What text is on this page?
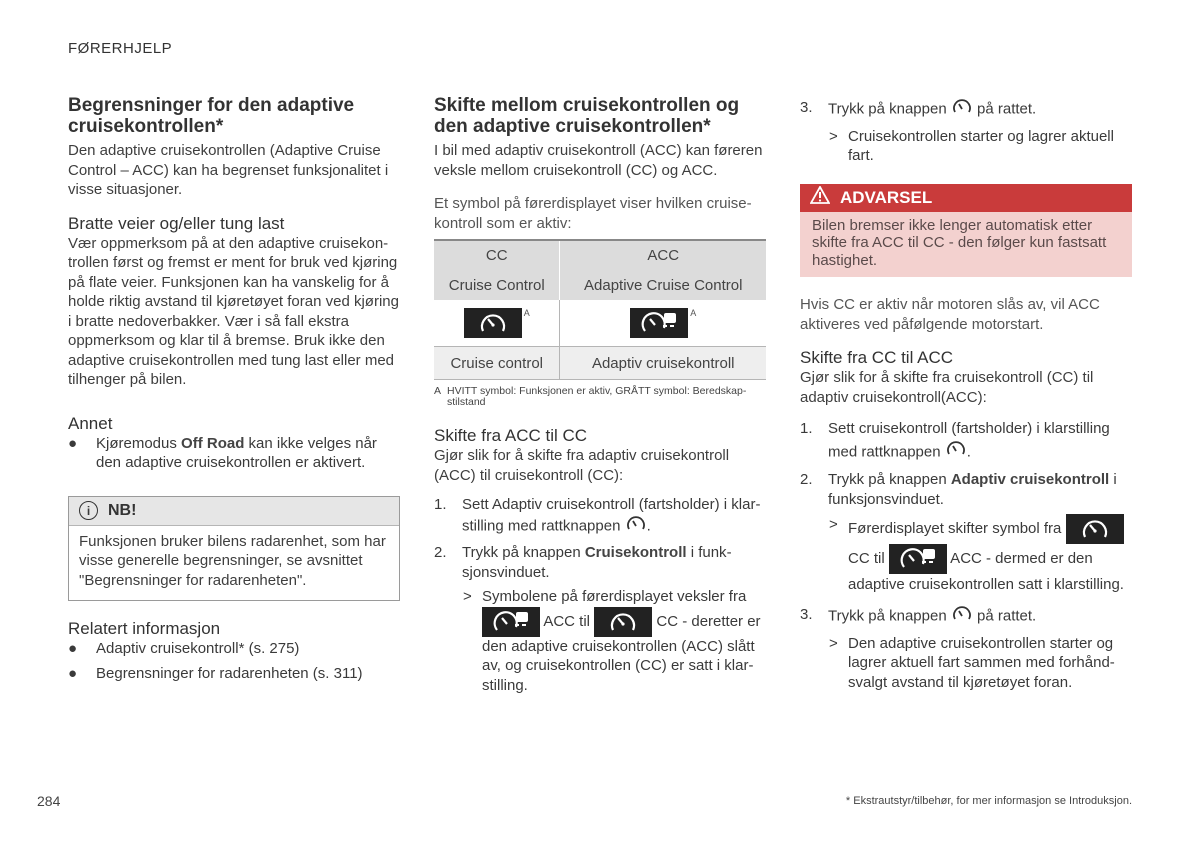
FØRERHJELP
Begrensninger for den adaptive cruisekontrollen*

Den adaptive cruisekontrollen (Adaptive Cruise Control – ACC) kan ha begrenset funksjonalitet i visse situasjoner.

Bratte veier og/eller tung last

Vær oppmerksom på at den adaptive cruisekontrollen først og fremst er ment for bruk ved kjøring på flate veier. Funksjonen kan ha vanskelig for å holde riktig avstand til kjøretøyet foran ved kjøring i bratte nedoverbakker. Vær i så fall ekstra oppmerksom og klar til å bremse. Bruk ikke den adaptive cruisekontrollen med tung last eller med tilhenger på bilen.

Annet
● Kjøremodus Off Road kan ikke velges når den adaptive cruisekontrollen er aktivert.
i	NB!

Funksjonen bruker bilens radarenhet, som har visse generelle begrensninger, se avsnittet "Begrensninger for radarenheten".

Relatert informasjon
● Adaptiv cruisekontroll* (s. 275)
● Begrensninger for radarenheten (s. 311)
Skifte mellom cruisekontrollen og den adaptive cruisekontrollen*

I bil med adaptiv cruisekontroll (ACC) kan føreren veksle mellom cruisekontroll (CC) og ACC.

Et symbol på førerdisplayet viser hvilken cruisekontroll som er aktiv:

CC	ACC
Cruise Control	Adaptive Cruise Control

$^A$	$^A$
Cruise control	Adaptiv cruisekontroll
A HVITT symbol: Funksjonen er aktiv, GRÅTT symbol: Beredskapstilstand
Skifte fra ACC til CC

Gjør slik for å skifte fra adaptiv cruisekontroll (ACC) til cruisekontroll (CC):

1. Sett Adaptiv cruisekontroll (fartsholder) i klarstilling med rattknappen .
2. Trykk på knappen Cruisekontroll i funksjonsvinduet.
> Symbolene på førerdisplayet veksler fra

ACC til	CC - deretter er den adaptive cruisekontrollen (ACC) slått av, og cruisekontrollen (CC) er satt i klarstilling.
3. Trykk på knappen  på rattet.
> Cruisekontrollen starter og lagrer aktuell fart.
ADVARSEL
Bilen bremser ikke lenger automatisk etter skifte fra ACC til CC - den følger kun fastsatt hastighet.

Hvis CC er aktiv når motoren slås av, vil ACC aktiveres ved påfølgende motorstart.

Skifte fra CC til ACC

Gjør slik for å skifte fra cruisekontroll (CC) til adaptiv cruisekontroll(ACC):

1. Sett cruisekontroll (fartsholder) i klarstilling med rattknappen .
2. Trykk på knappen Adaptiv cruisekontroll i funksjonsvinduet.
> Førerdisplayet skifter symbol fra

CC til	ACC - dermed er den adaptive cruisekontrollen satt i klarstilling.
3. Trykk på knappen  på rattet.
> Den adaptive cruisekontrollen starter og lagrer aktuell fart sammen med forhåndsvalgt avstand til kjøretøyet foran.
284	* Ekstrautstyr/tilbehør, for mer informasjon se Introduksjon.
